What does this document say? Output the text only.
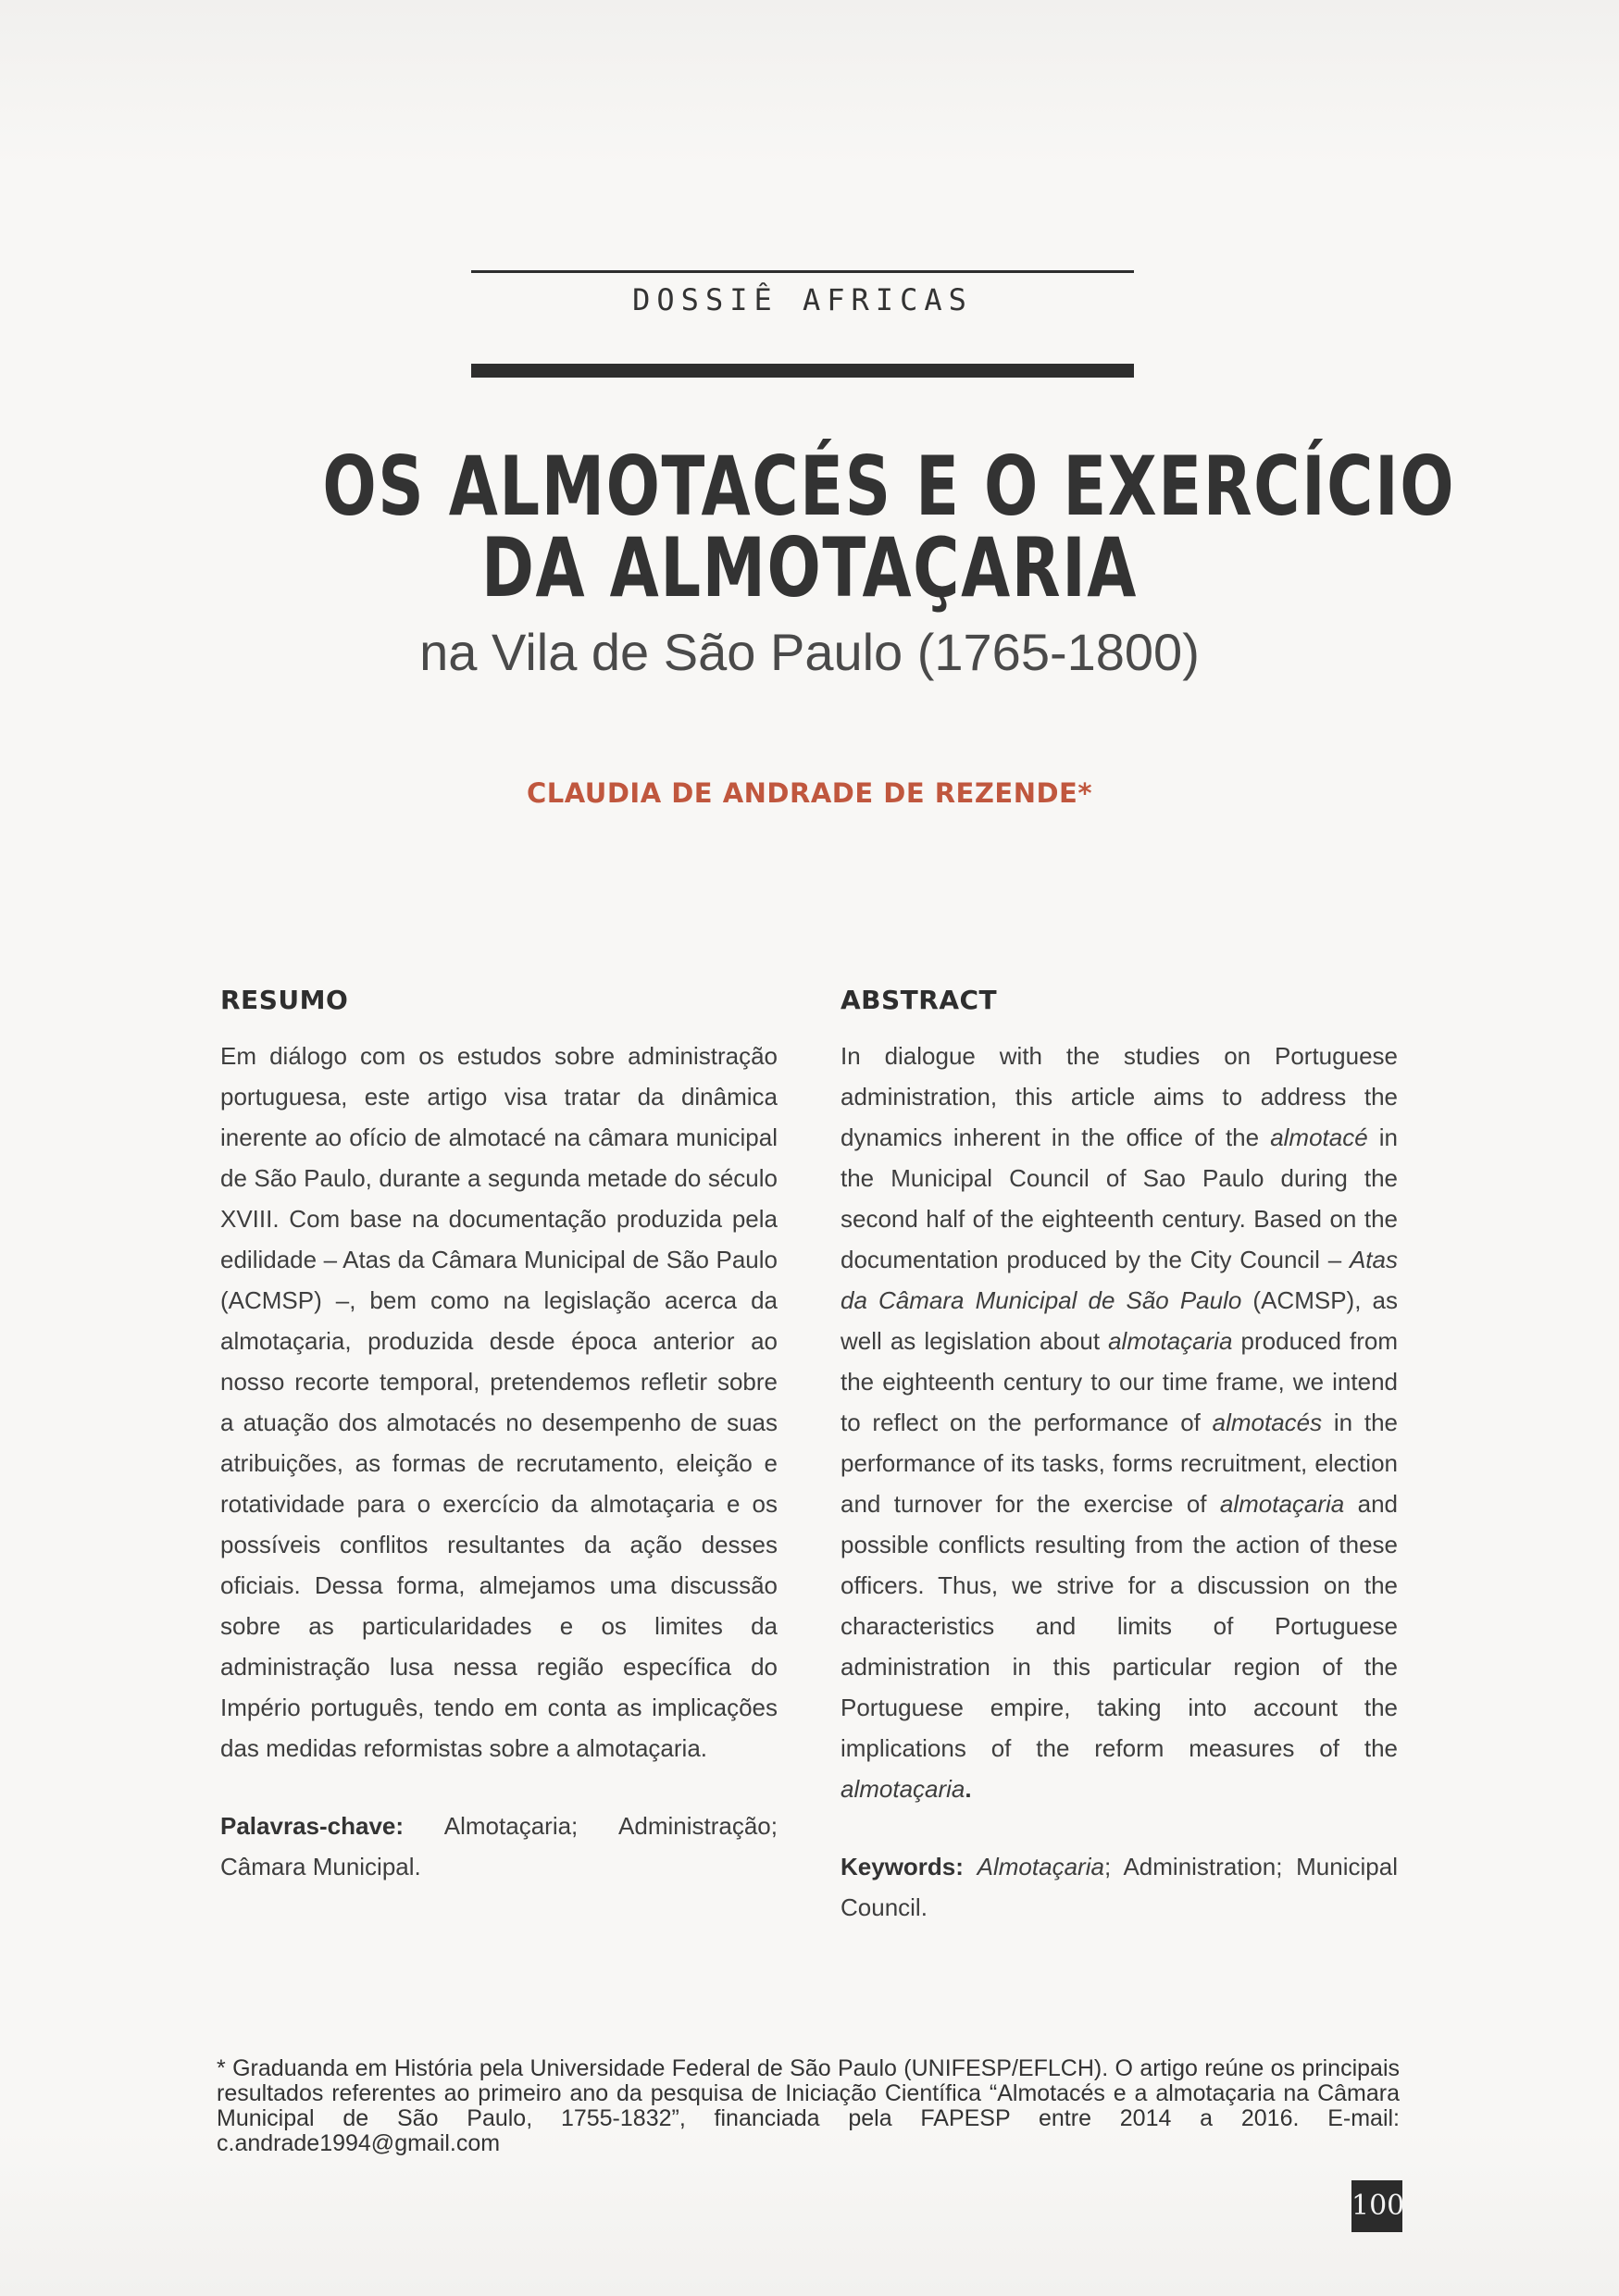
DOSSIÊ AFRICAS
OS ALMOTACÉS E O EXERCÍCIO
DA ALMOTAÇARIA
na Vila de São Paulo (1765-1800)
CLAUDIA DE ANDRADE DE REZENDE*
RESUMO

Em diálogo com os estudos sobre administração portuguesa, este artigo visa tratar da dinâmica inerente ao ofício de almotacé na câmara municipal de São Paulo, durante a segunda metade do século XVIII. Com base na documentação produzida pela edilidade – Atas da Câmara Municipal de São Paulo (ACMSP) –, bem como na legislação acerca da almotaçaria, produzida desde época anterior ao nosso recorte temporal, pretendemos refletir sobre a atuação dos almotacés no desempenho de suas atribuições, as formas de recrutamento, eleição e rotatividade para o exercício da almotaçaria e os possíveis conflitos resultantes da ação desses oficiais. Dessa forma, almejamos uma discussão sobre as particularidades e os limites da administração lusa nessa região específica do Império português, tendo em conta as implicações das medidas reformistas sobre a almotaçaria.

Palavras-chave: Almotaçaria; Administração; Câmara Municipal.

ABSTRACT

In dialogue with the studies on Portuguese administration, this article aims to address the dynamics inherent in the office of the almotacé in the Municipal Council of Sao Paulo during the second half of the eighteenth century. Based on the documentation produced by the City Council – Atas da Câmara Municipal de São Paulo (ACMSP), as well as legislation about almotaçaria produced from the eighteenth century to our time frame, we intend to reflect on the performance of almotacés in the performance of its tasks, forms recruitment, election and turnover for the exercise of almotaçaria and possible conflicts resulting from the action of these officers. Thus, we strive for a discussion on the characteristics and limits of Portuguese administration in this particular region of the Portuguese empire, taking into account the implications of the reform measures of the almotaçaria.

Keywords: Almotaçaria; Administration; Municipal Council.

* Graduanda em História pela Universidade Federal de São Paulo (UNIFESP/EFLCH). O artigo reúne os principais resultados referentes ao primeiro ano da pesquisa de Iniciação Científica “Almotacés e a almotaçaria na Câmara Municipal de São Paulo, 1755-1832”, financiada pela FAPESP entre 2014 a 2016. E-mail: c.andrade1994@gmail.com
100
